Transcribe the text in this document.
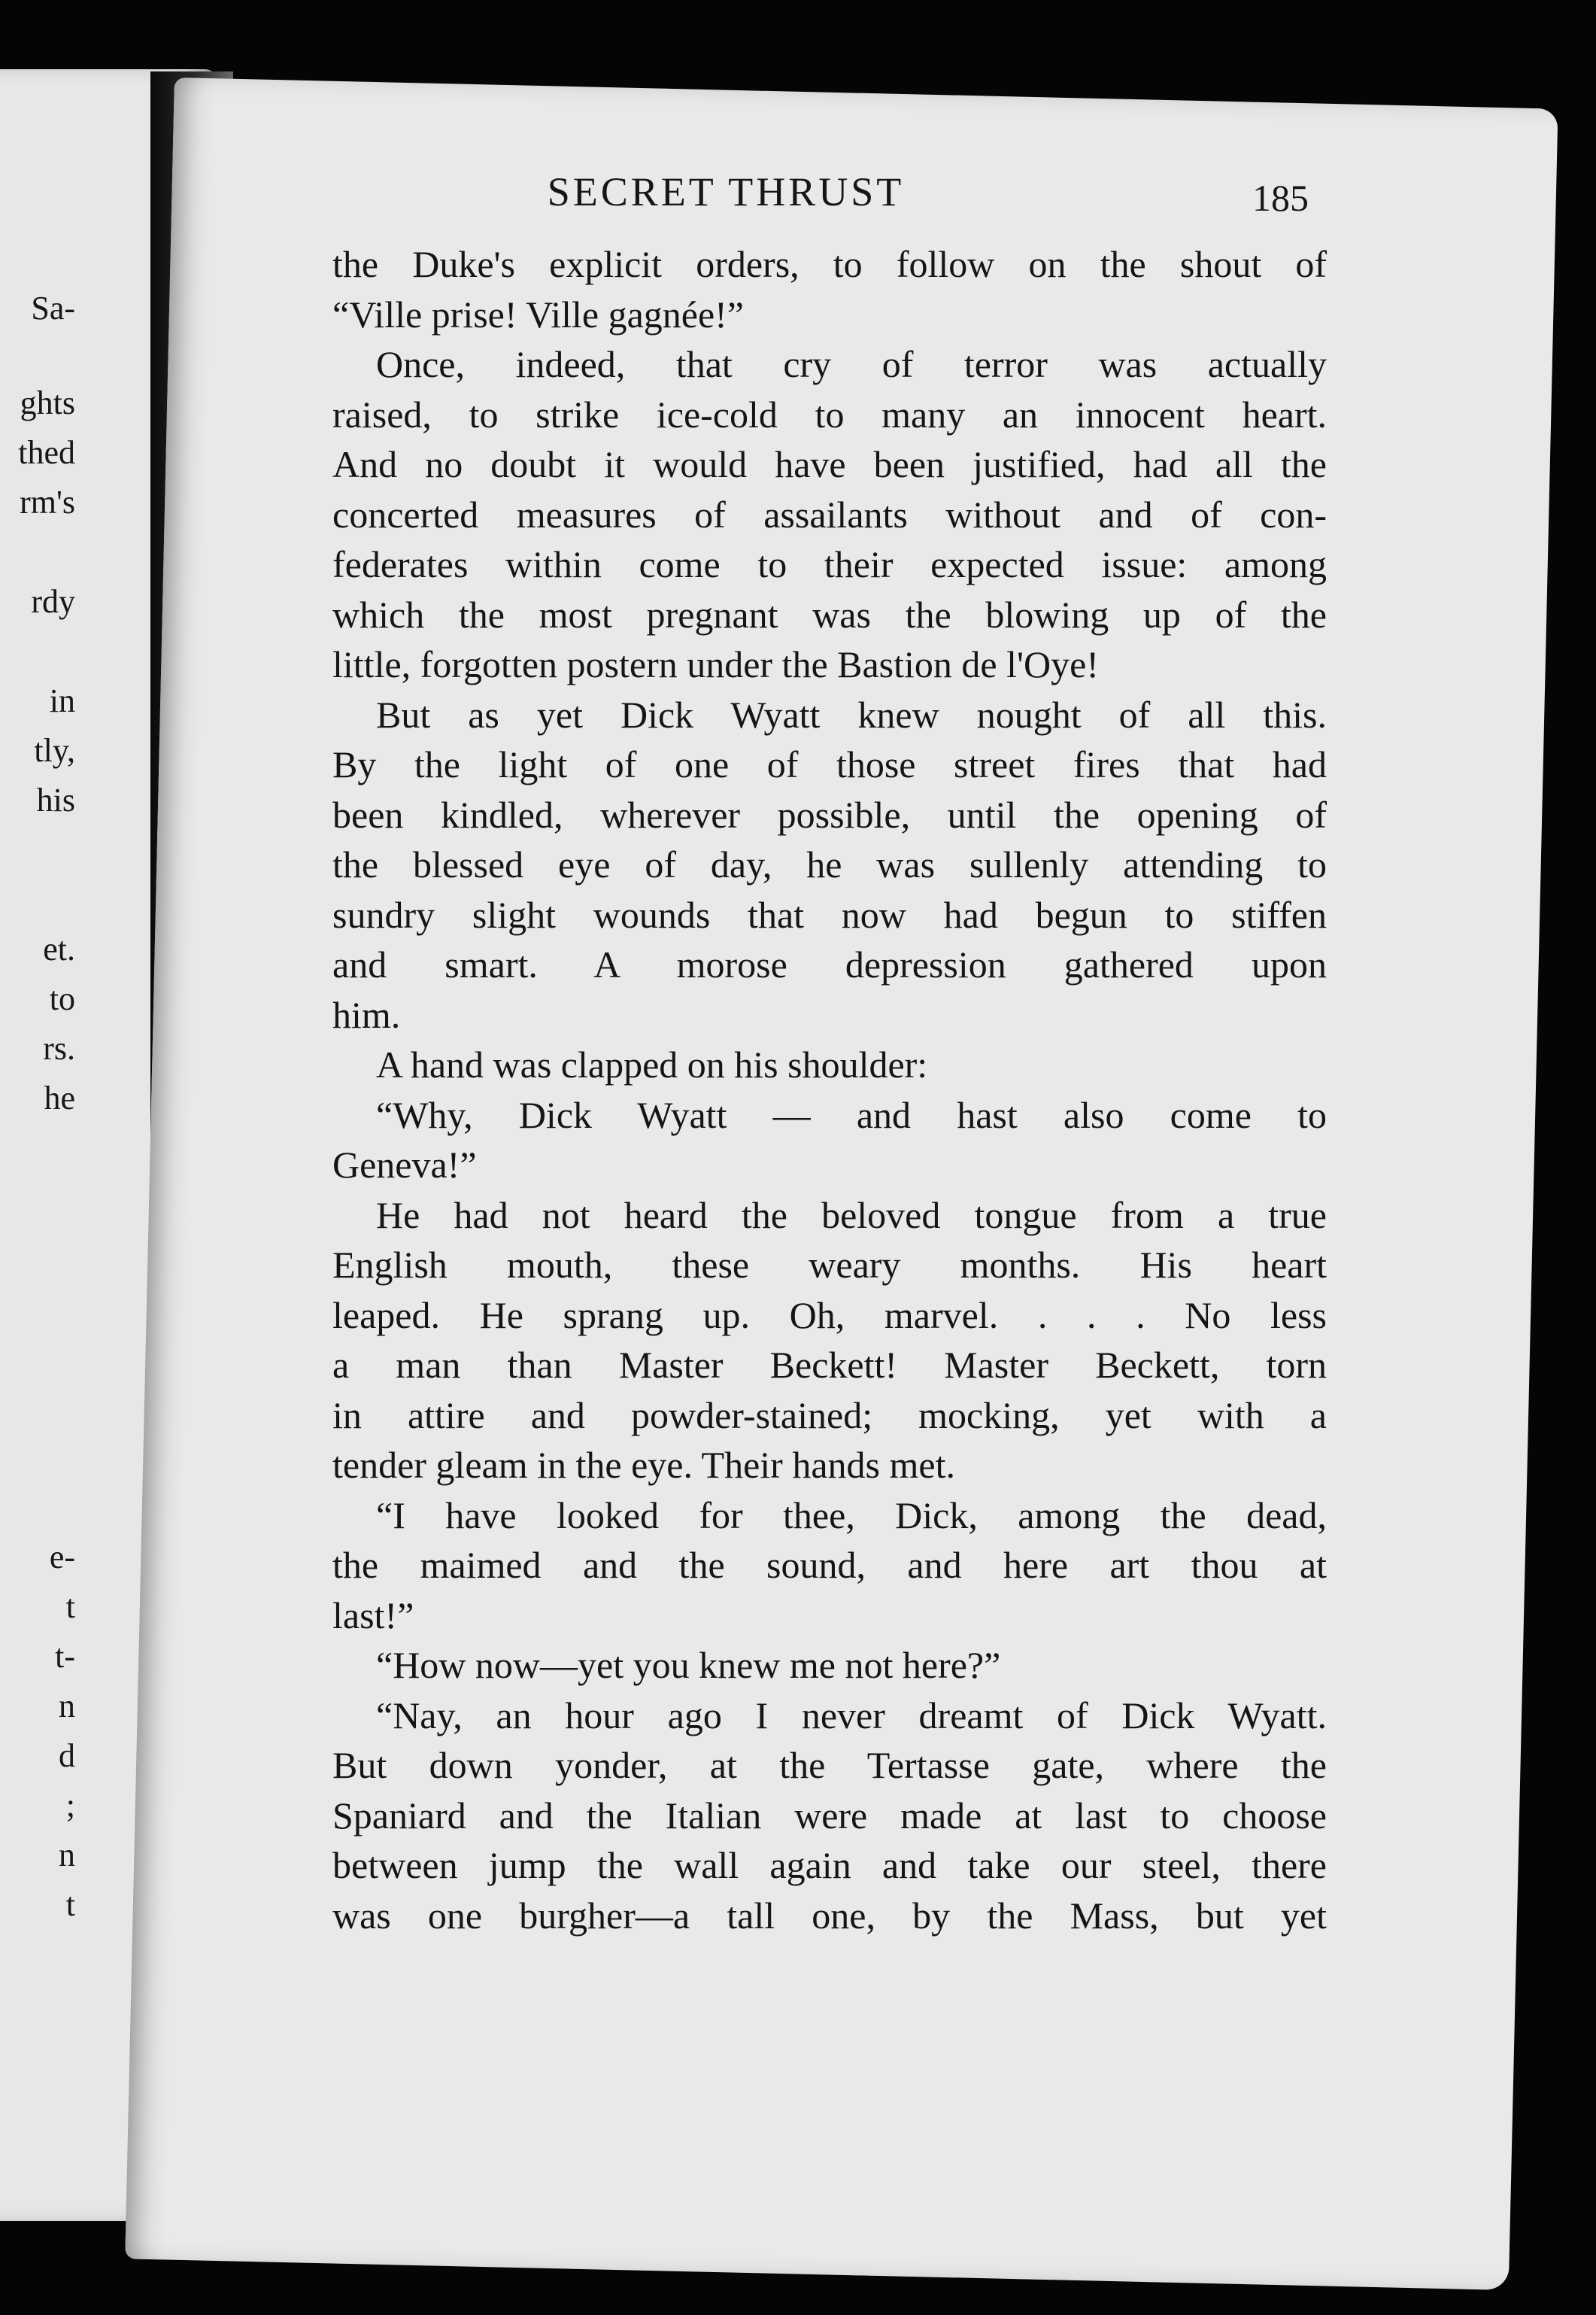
Sa-
ghts
thed
rm's
rdy
in
tly,
his
et.
to
rs.
he
e-
t
t-
n
d
;
n
t
SECRET THRUST	185
the Duke's explicit orders, to follow on the shout of
“Ville prise! Ville gagnée!”
Once, indeed, that cry of terror was actually
raised, to strike ice-cold to many an innocent heart.
And no doubt it would have been justified, had all the
concerted measures of assailants without and of con-
federates within come to their expected issue: among
which the most pregnant was the blowing up of the
little, forgotten postern under the Bastion de l'Oye!
But as yet Dick Wyatt knew nought of all this.
By the light of one of those street fires that had
been kindled, wherever possible, until the opening of
the blessed eye of day, he was sullenly attending to
sundry slight wounds that now had begun to stiffen
and smart. A morose depression gathered upon
him.
A hand was clapped on his shoulder:
“Why, Dick Wyatt — and hast also come to
Geneva!”
He had not heard the beloved tongue from a true
English mouth, these weary months. His heart
leaped. He sprang up. Oh, marvel. . . . No less
a man than Master Beckett! Master Beckett, torn
in attire and powder-stained; mocking, yet with a
tender gleam in the eye. Their hands met.
“I have looked for thee, Dick, among the dead,
the maimed and the sound, and here art thou at
last!”
“How now—yet you knew me not here?”
“Nay, an hour ago I never dreamt of Dick Wyatt.
But down yonder, at the Tertasse gate, where the
Spaniard and the Italian were made at last to choose
between jump the wall again and take our steel, there
was one burgher—a tall one, by the Mass, but yet
